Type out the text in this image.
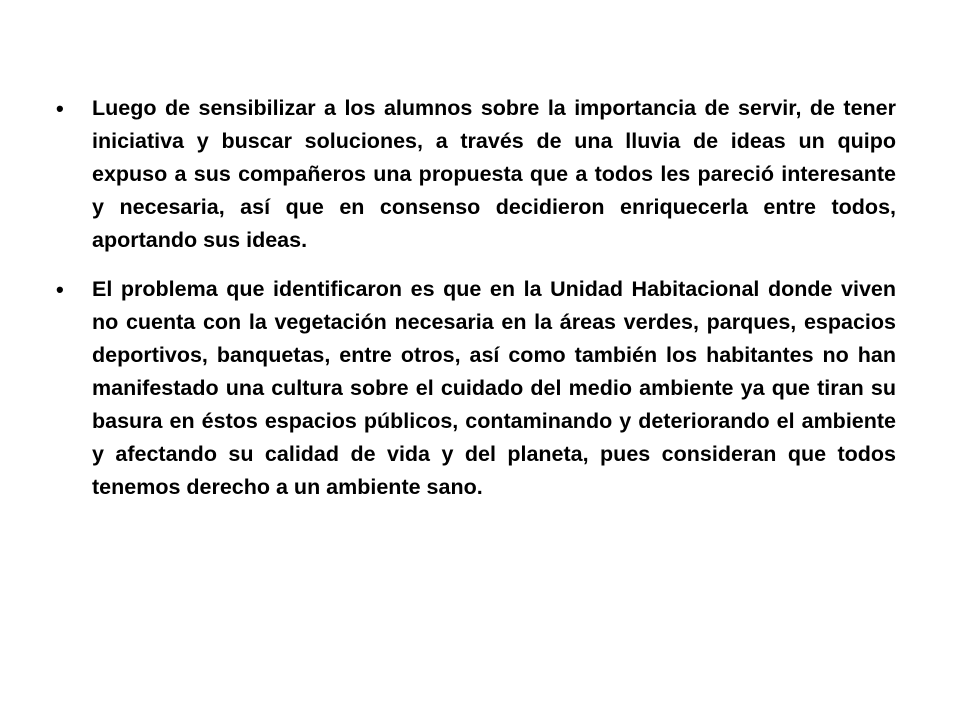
• Luego de sensibilizar a los alumnos sobre la importancia de servir, de tener iniciativa y buscar soluciones, a través de una lluvia de ideas un quipo expuso a sus compañeros una propuesta que a todos les pareció interesante y necesaria, así que en consenso decidieron enriquecerla entre todos, aportando sus ideas.

• El problema que identificaron es que en la Unidad Habitacional donde viven no cuenta con la vegetación necesaria en la áreas verdes, parques, espacios deportivos, banquetas, entre otros, así como también los habitantes no han manifestado una cultura sobre el cuidado del medio ambiente ya que tiran su basura en éstos espacios públicos, contaminando y deteriorando el ambiente y afectando su calidad de vida y del planeta, pues consideran que todos tenemos derecho a un ambiente sano.
